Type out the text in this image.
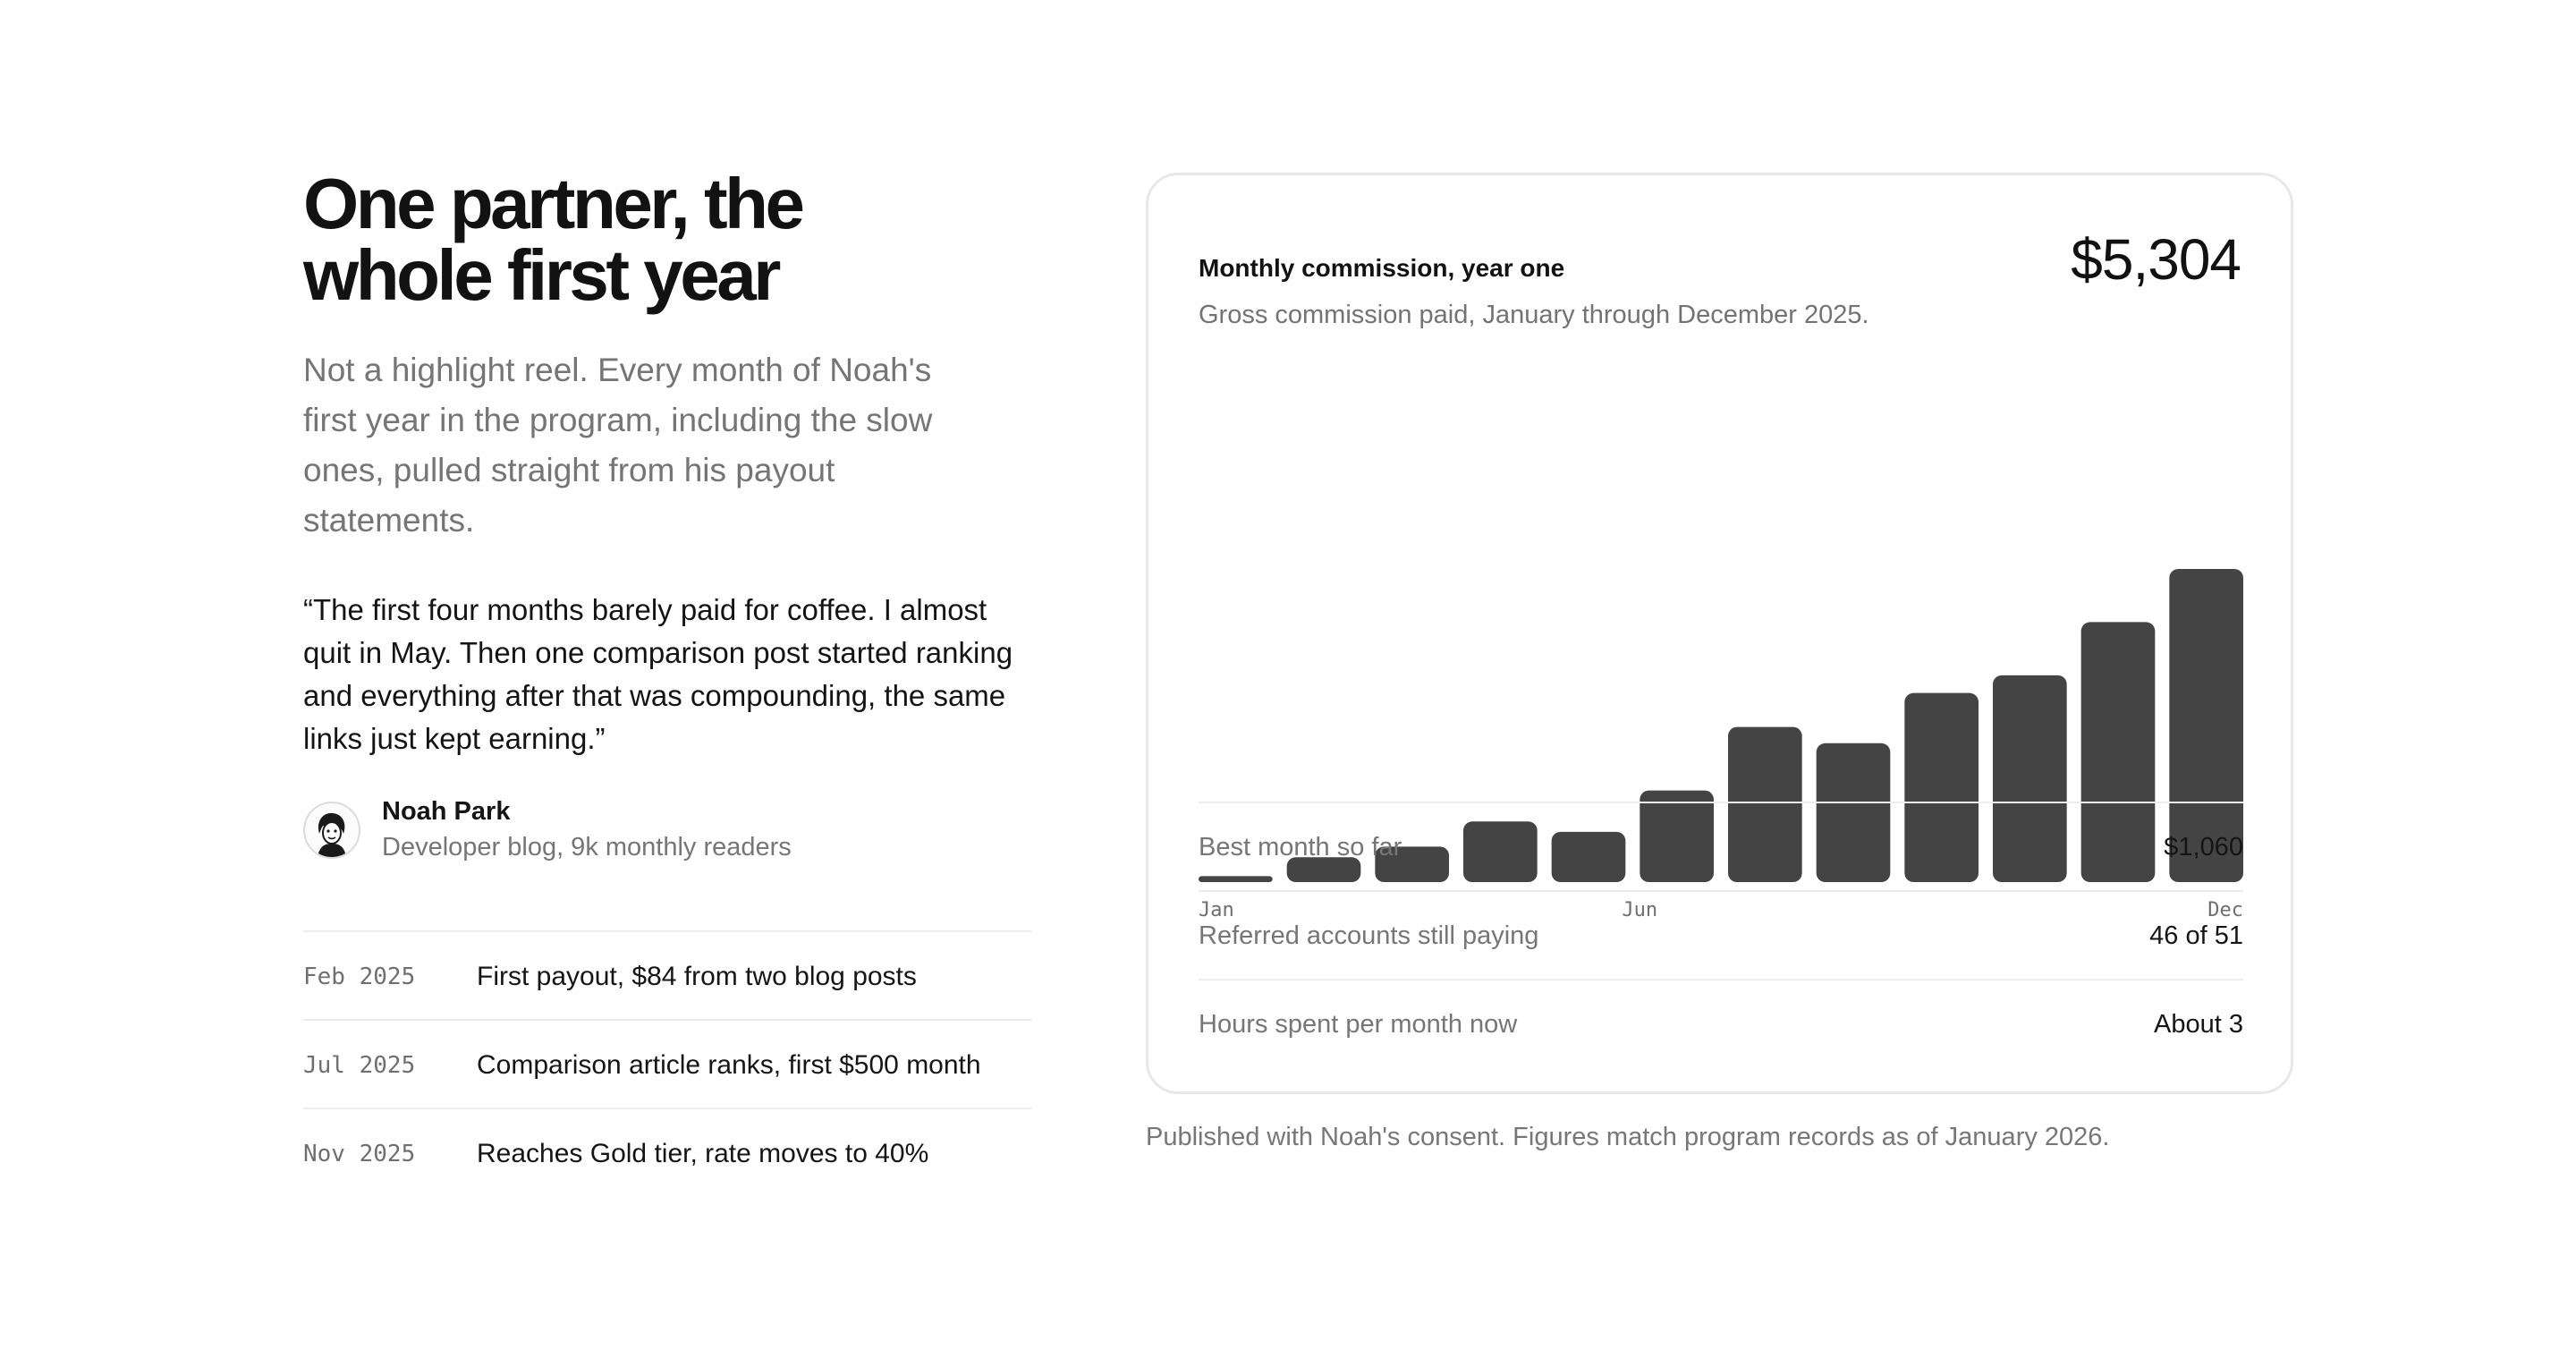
One partner, the whole first year

Not a highlight reel. Every month of Noah's first year in the program, including the slow ones, pulled straight from his payout statements.

“The first four months barely paid for coffee. I almost quit in May. Then one comparison post started ranking and everything after that was compounding, the same links just kept earning.”

Noah Park
Developer blog, 9k monthly readers
Feb 2025 First payout, $84 from two blog posts
Jul 2025 Comparison article ranks, first $500 month
Nov 2025 Reaches Gold tier, rate moves to 40%
Monthly commission, year one
Gross commission paid, January through December 2025.
$5,304
Jan	Jun	Dec
Best month so far	$1,060
Referred accounts still paying	46 of 51
Hours spent per month now	About 3
Published with Noah's consent. Figures match program records as of January 2026.
